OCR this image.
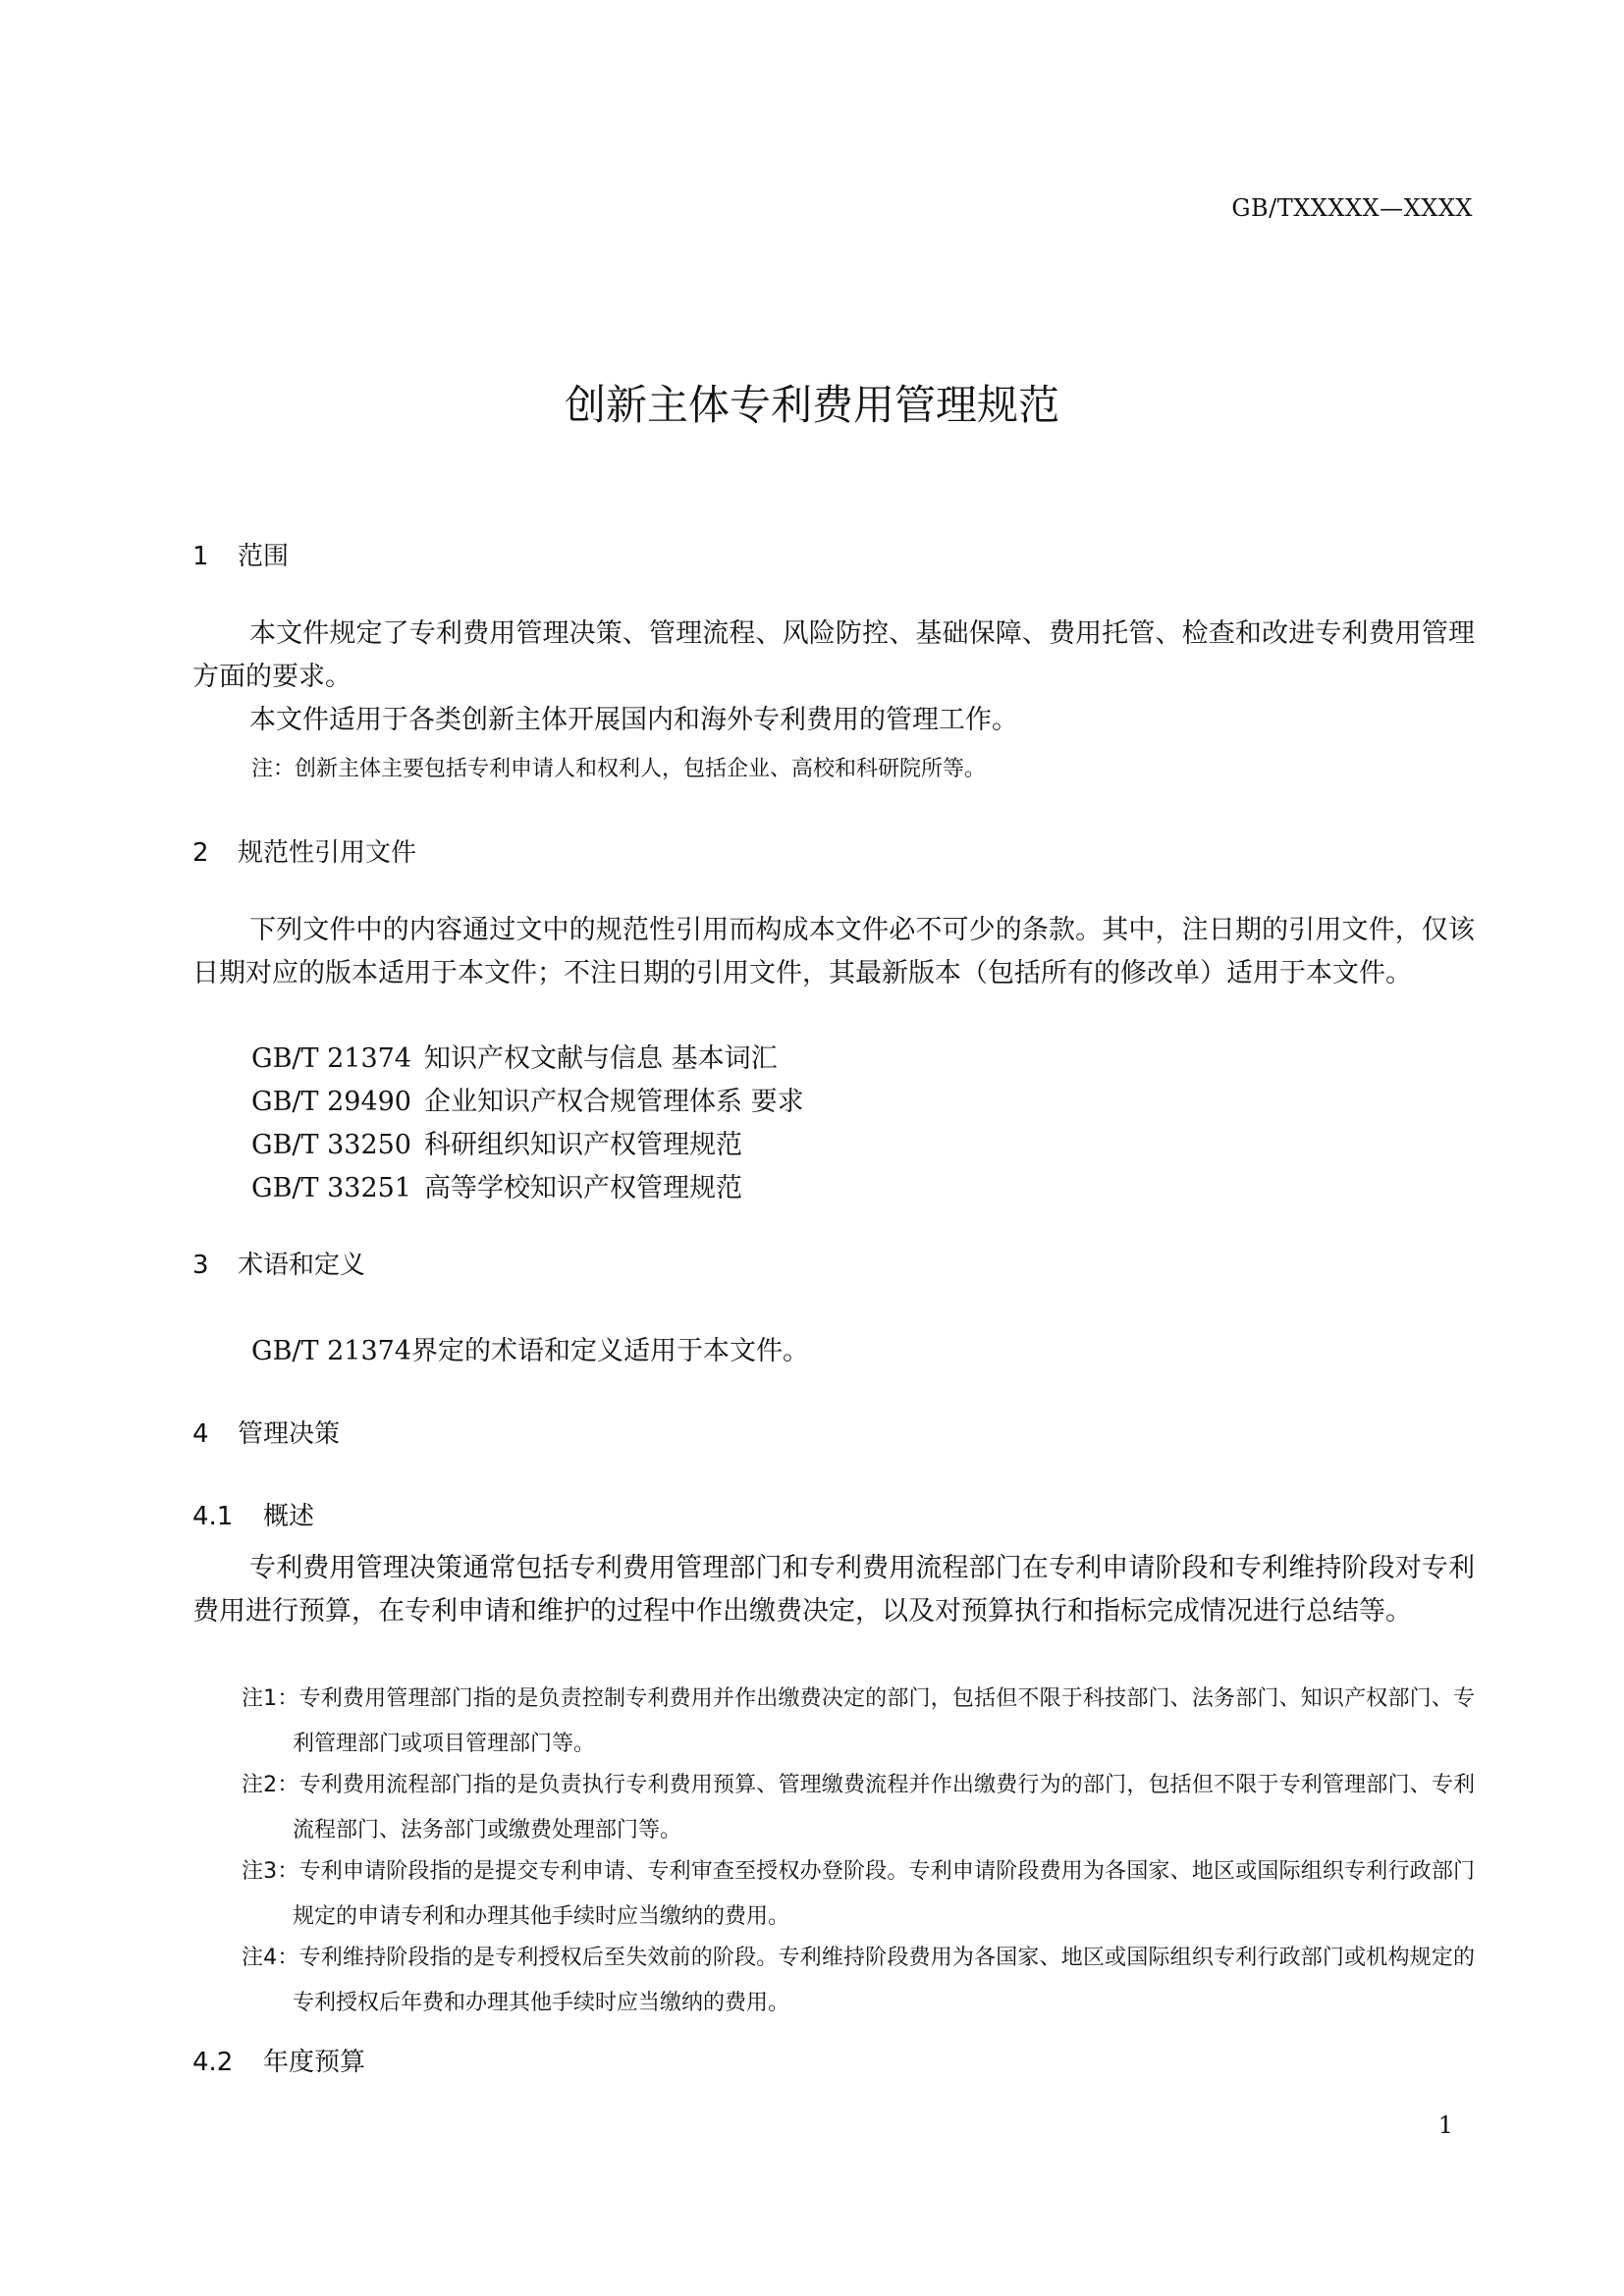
GB/TXXXXX—XXXX
创新主体专利费用管理规范
1 范围
本文件规定了专利费用管理决策、管理流程、风险防控、基础保障、费用托管、检查和改进专利费用管理方面的要求。
本文件适用于各类创新主体开展国内和海外专利费用的管理工作。
注：创新主体主要包括专利申请人和权利人，包括企业、高校和科研院所等。
2 规范性引用文件
下列文件中的内容通过文中的规范性引用而构成本文件必不可少的条款。其中，注日期的引用文件，仅该日期对应的版本适用于本文件；不注日期的引用文件，其最新版本（包括所有的修改单）适用于本文件。
GB/T 21374 知识产权文献与信息 基本词汇
GB/T 29490 企业知识产权合规管理体系 要求
GB/T 33250 科研组织知识产权管理规范
GB/T 33251 高等学校知识产权管理规范
3 术语和定义
GB/T 21374界定的术语和定义适用于本文件。
4 管理决策
4.1 概述
专利费用管理决策通常包括专利费用管理部门和专利费用流程部门在专利申请阶段和专利维持阶段对专利费用进行预算，在专利申请和维护的过程中作出缴费决定，以及对预算执行和指标完成情况进行总结等。
注1：专利费用管理部门指的是负责控制专利费用并作出缴费决定的部门，包括但不限于科技部门、法务部门、知识产权部门、专利管理部门或项目管理部门等。
注2：专利费用流程部门指的是负责执行专利费用预算、管理缴费流程并作出缴费行为的部门，包括但不限于专利管理部门、专利流程部门、法务部门或缴费处理部门等。
注3：专利申请阶段指的是提交专利申请、专利审查至授权办登阶段。专利申请阶段费用为各国家、地区或国际组织专利行政部门规定的申请专利和办理其他手续时应当缴纳的费用。
注4：专利维持阶段指的是专利授权后至失效前的阶段。专利维持阶段费用为各国家、地区或国际组织专利行政部门或机构规定的专利授权后年费和办理其他手续时应当缴纳的费用。
4.2 年度预算
1
